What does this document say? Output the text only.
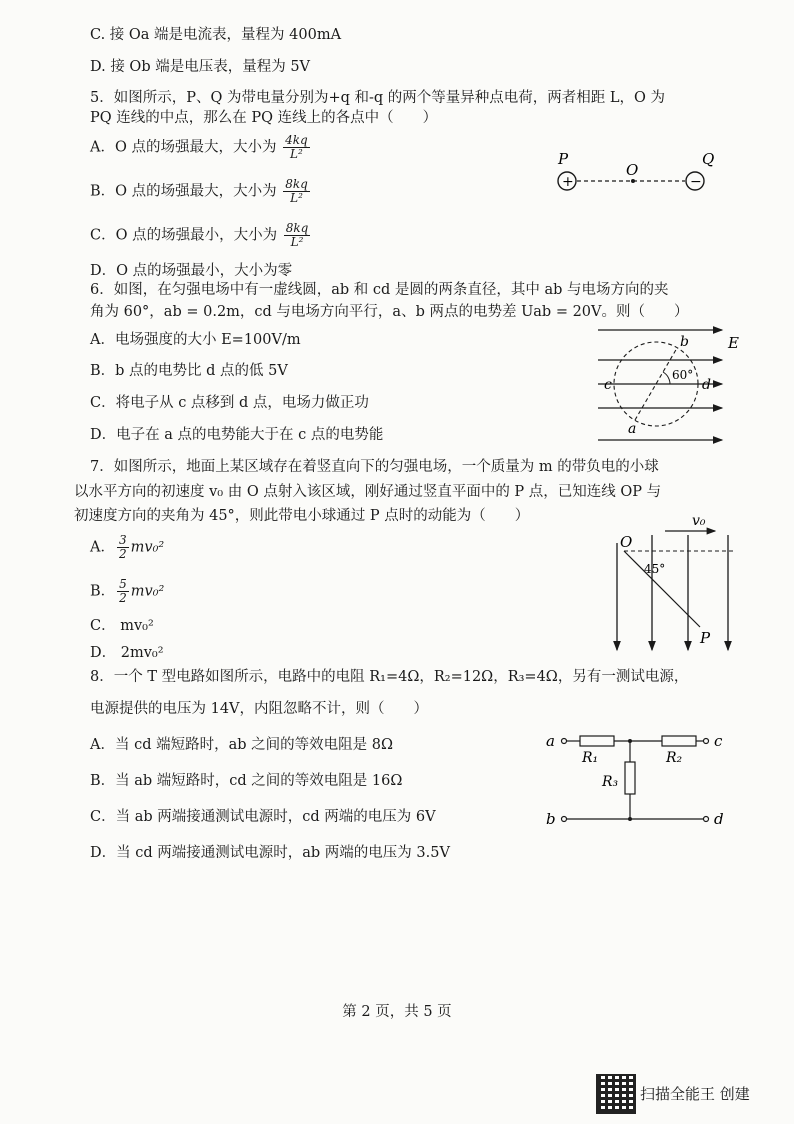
C. 接 Oa 端是电流表，量程为 400mA
D. 接 Ob 端是电压表，量程为 5V
5．如图所示，P、Q 为带电量分别为+q 和-q 的两个等量异种点电荷，两者相距 L，O 为
PQ 连线的中点，那么在 PQ 连线上的各点中（　　）
A．O 点的场强最大，大小为 $\frac{4kq}{\text{L²}}$
B．O 点的场强最大，大小为 $\frac{8kq}{\text{L²}}$
C．O 点的场强最小，大小为 $\frac{8kq}{\text{L²}}$
D．O 点的场强最小，大小为零
P
O
Q
+	−
6．如图，在匀强电场中有一虚线圆，ab 和 cd 是圆的两条直径，其中 ab 与电场方向的夹
角为 60°，ab = 0.2m，cd 与电场方向平行，a、b 两点的电势差 Uab = 20V。则（　　）
A．电场强度的大小 E=100V/m
B．b 点的电势比 d 点的低 5V
C．将电子从 c 点移到 d 点，电场力做正功
D．电子在 a 点的电势能大于在 c 点的电势能
60°
E
b
c	d
a
7．如图所示，地面上某区域存在着竖直向下的匀强电场，一个质量为 m 的带负电的小球
以水平方向的初速度 v₀ 由 O 点射入该区域，刚好通过竖直平面中的 P 点，已知连线 OP 与
初速度方向的夹角为 45°，则此带电小球通过 P 点时的动能为（　　）
A． $\frac{3}{2} mv_0^2$
B． $\frac{5}{2} mv_0^2$
C． mv₀²
D． 2mv₀²
v₀
O
45°
P
8．一个 T 型电路如图所示，电路中的电阻 R₁=4Ω，R₂=12Ω，R₃=4Ω，另有一测试电源，
电源提供的电压为 14V，内阻忽略不计，则（　　）
A．当 cd 端短路时，ab 之间的等效电阻是 8Ω
B．当 ab 端短路时，cd 之间的等效电阻是 16Ω
C．当 ab 两端接通测试电源时，cd 两端的电压为 6V
D．当 cd 两端接通测试电源时，ab 两端的电压为 3.5V
a
b
c
d
R₁	R₂
R₃
第 2 页，共 5 页
扫描全能王 创建
